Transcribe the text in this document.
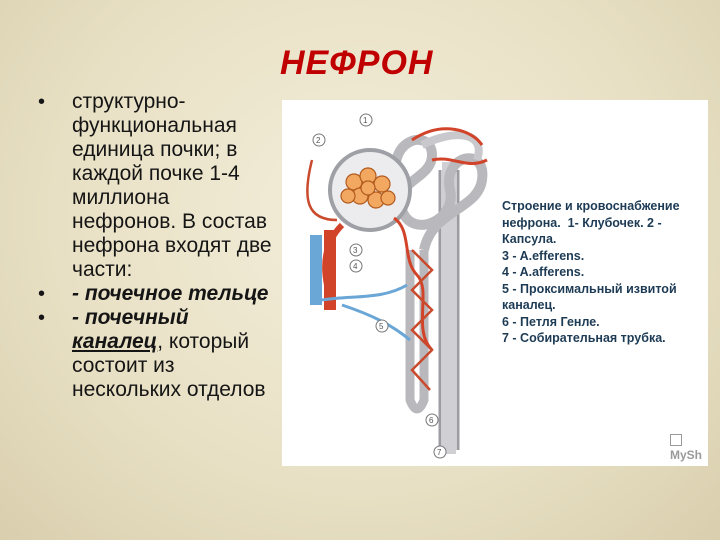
НЕФРОН
• структурно-
функциональная
единица почки; в
каждой почке 1-4
миллиона
нефронов. В состав
нефрона входят две
части:
• - почечное тельце
• - почечный
каналец, который
состоит из
нескольких отделов
1
2
3
4
5
6
7
Строение и кровоснабжение
нефрона.  1- Клубочек. 2 -
Капсула.
3 - A.efferens.
4 - A.afferens.
5 - Проксимальный извитой
каналец.
6 - Петля Генле.
7 - Собирательная трубка.
MySh
